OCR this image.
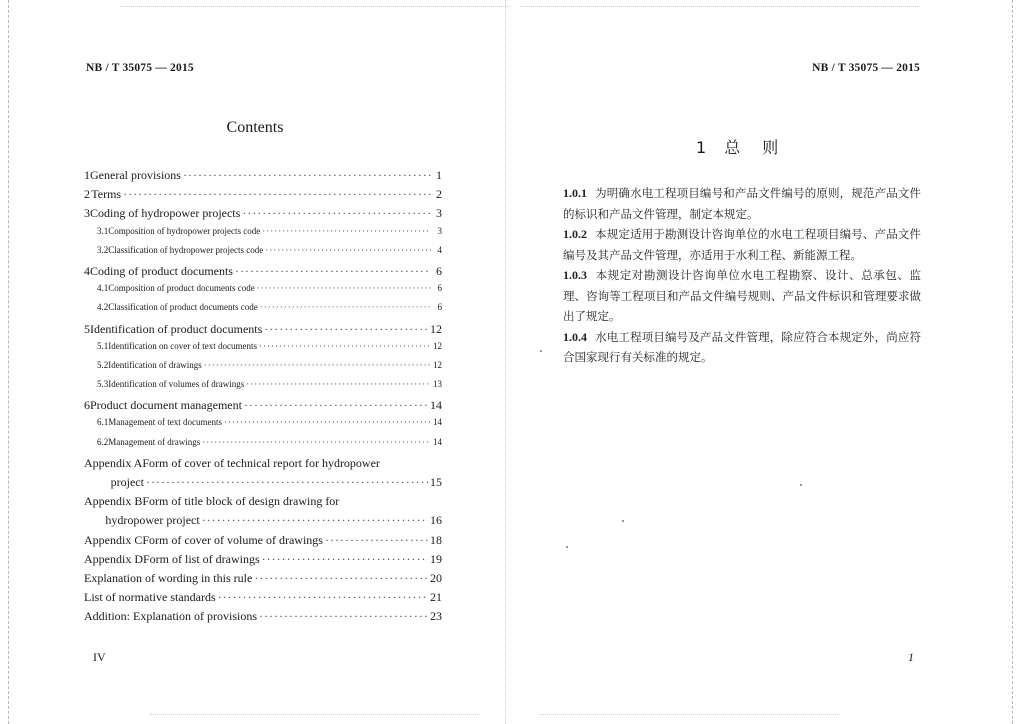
NB / T 35075 — 2015
Contents
1 General provisions ·····	1
2 Terms ·····	2
3 Coding of hydropower projects ·····	3
3.1 Composition of hydropower projects code ·····	3
3.2 Classification of hydropower projects code ·····	4
4 Coding of product documents ·····	6
4.1 Composition of product documents code ·····	6
4.2 Classification of product documents code ·····	6
5 Identification of product documents ·····	12
5.1 Identification on cover of text documents ·····	12
5.2 Identification of drawings ·····	12
5.3 Identification of volumes of drawings ·····	13
6 Product document management ·····	14
6.1 Management of text documents ·····	14
6.2 Management of drawings ·····	14
Appendix A Form of cover of technical report for hydropower
project ·····	15
Appendix B Form of title block of design drawing for
hydropower project ·····	16
Appendix C Form of cover of volume of drawings ·····	18
Appendix D Form of list of drawings ·····	19
Explanation of wording in this rule ·····	20
List of normative standards ·····	21
Addition: Explanation of provisions ·····	23
IV
1 总则
NB / T 35075 — 2015

1.0.1 为明确水电工程项目编号和产品文件编号的原则，规范产品文件的标识和产品文件管理，制定本规定。

1.0.2 本规定适用于勘测设计咨询单位的水电工程项目编号、产品文件编号及其产品文件管理，亦适用于水利工程、新能源工程。

1.0.3 本规定对勘测设计咨询单位水电工程勘察、设计、总承包、监理、咨询等工程项目和产品文件编号规则、产品文件标识和管理要求做出了规定。

1.0.4 水电工程项目编号及产品文件管理，除应符合本规定外，尚应符合国家现行有关标准的规定。

1
